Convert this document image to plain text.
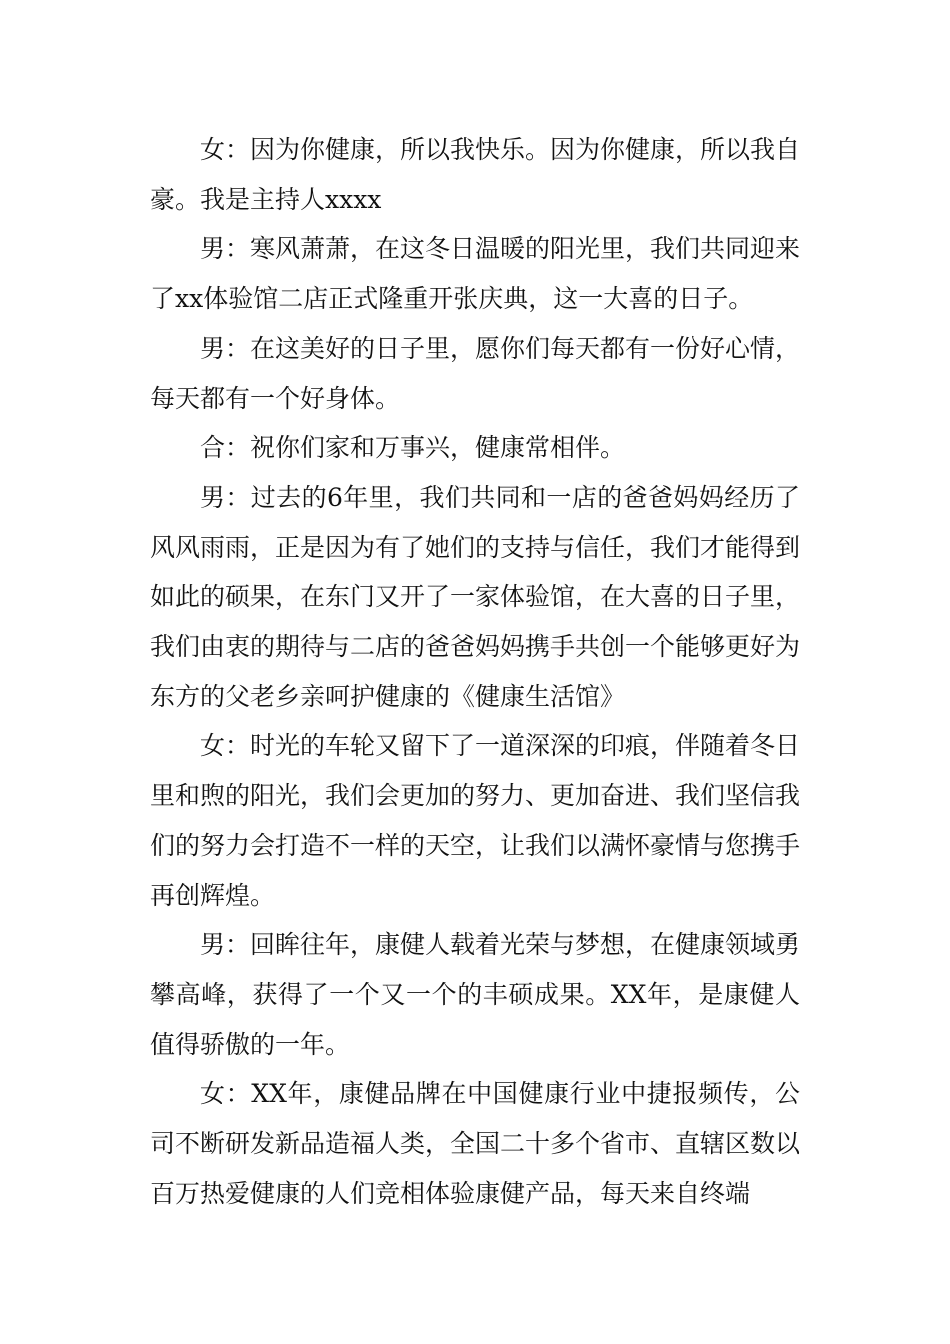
女：因为你健康，所以我快乐。因为你健康，所以我自豪。我是主持人xxxx

男：寒风萧萧，在这冬日温暖的阳光里，我们共同迎来了xx体验馆二店正式隆重开张庆典，这一大喜的日子。

男：在这美好的日子里，愿你们每天都有一份好心情，每天都有一个好身体。

合：祝你们家和万事兴，健康常相伴。

男：过去的6年里，我们共同和一店的爸爸妈妈经历了风风雨雨，正是因为有了她们的支持与信任，我们才能得到如此的硕果，在东门又开了一家体验馆，在大喜的日子里，我们由衷的期待与二店的爸爸妈妈携手共创一个能够更好为东方的父老乡亲呵护健康的《健康生活馆》

女：时光的车轮又留下了一道深深的印痕，伴随着冬日里和煦的阳光，我们会更加的努力、更加奋进、我们坚信我们的努力会打造不一样的天空，让我们以满怀豪情与您携手再创辉煌。

男：回眸往年，康健人载着光荣与梦想，在健康领域勇攀高峰，获得了一个又一个的丰硕成果。XX年，是康健人值得骄傲的一年。

女：XX年，康健品牌在中国健康行业中捷报频传，公司不断研发新品造福人类，全国二十多个省市、直辖区数以百万热爱健康的人们竞相体验康健产品，每天来自终端
